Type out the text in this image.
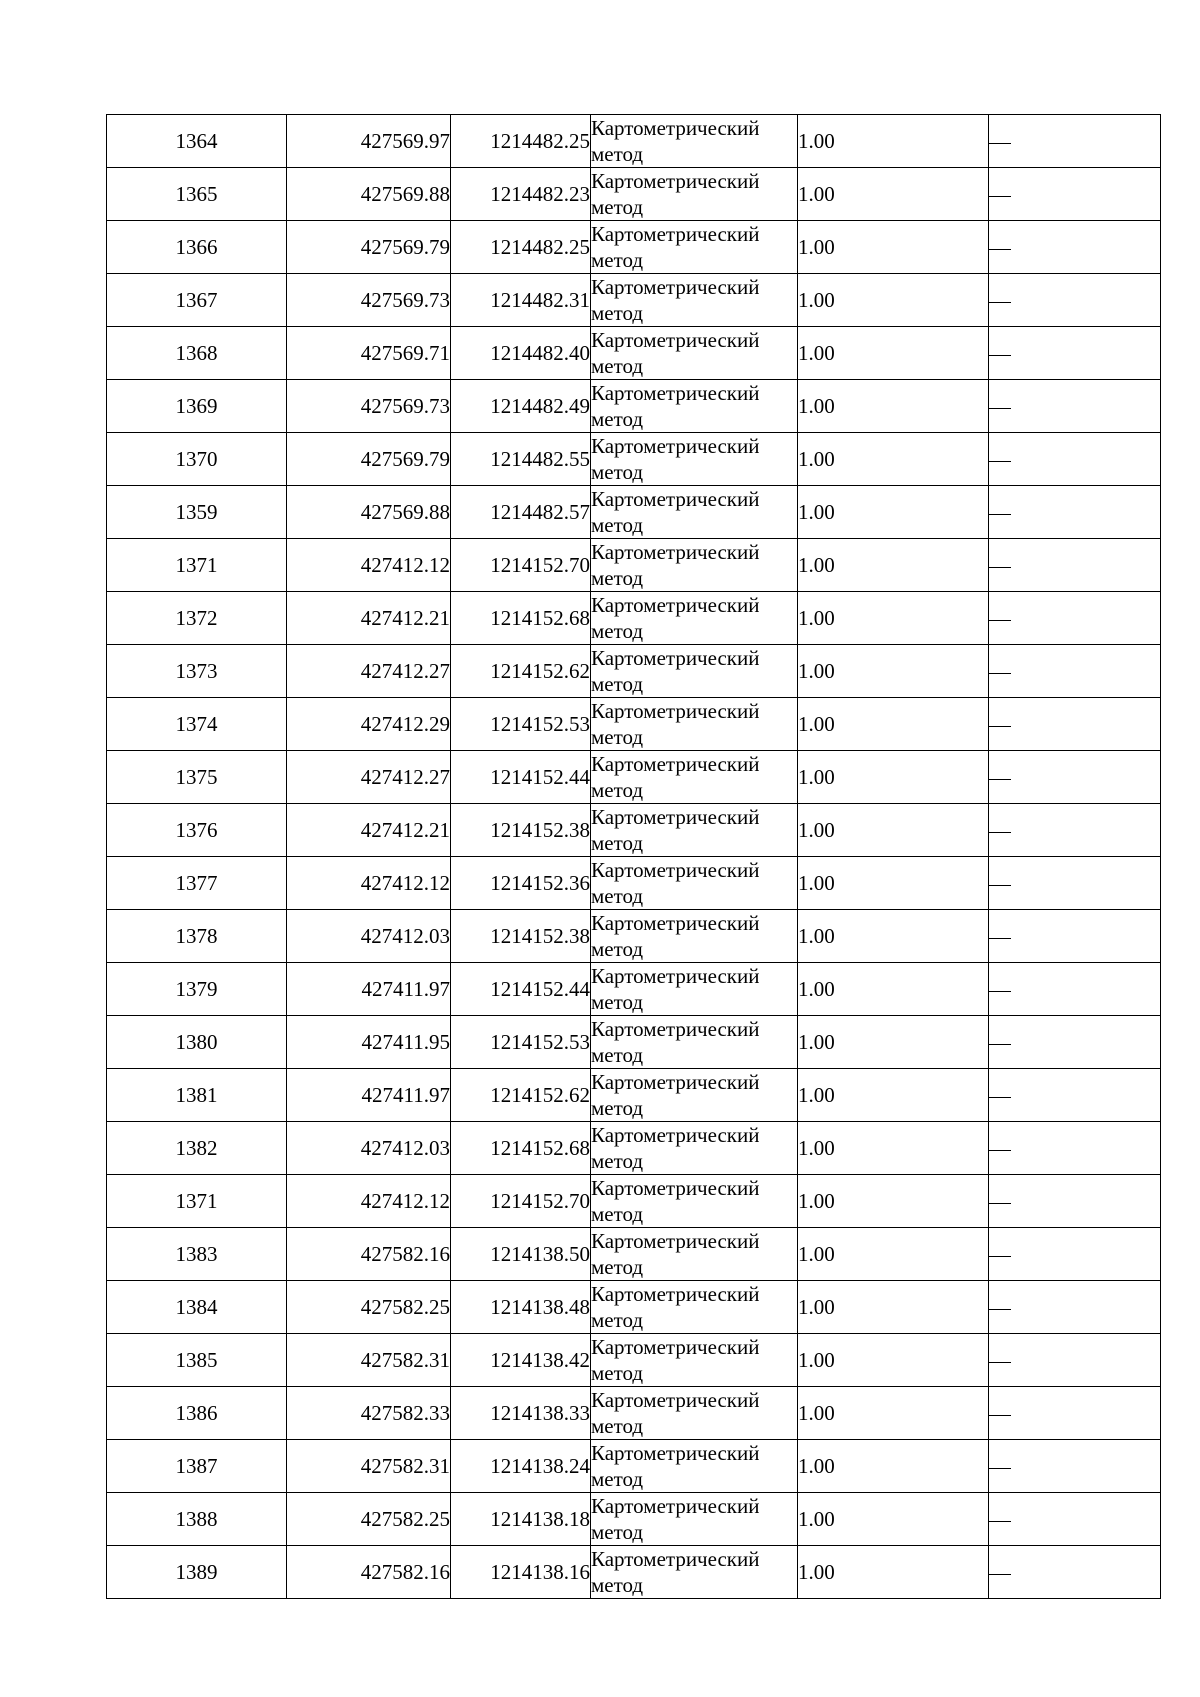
1364	427569.97	1214482.25	Картометрический метод	1.00	
1365	427569.88	1214482.23	Картометрический метод	1.00	
1366	427569.79	1214482.25	Картометрический метод	1.00	
1367	427569.73	1214482.31	Картометрический метод	1.00	
1368	427569.71	1214482.40	Картометрический метод	1.00	
1369	427569.73	1214482.49	Картометрический метод	1.00	
1370	427569.79	1214482.55	Картометрический метод	1.00	
1359	427569.88	1214482.57	Картометрический метод	1.00	
1371	427412.12	1214152.70	Картометрический метод	1.00	
1372	427412.21	1214152.68	Картометрический метод	1.00	
1373	427412.27	1214152.62	Картометрический метод	1.00	
1374	427412.29	1214152.53	Картометрический метод	1.00	
1375	427412.27	1214152.44	Картометрический метод	1.00	
1376	427412.21	1214152.38	Картометрический метод	1.00	
1377	427412.12	1214152.36	Картометрический метод	1.00	
1378	427412.03	1214152.38	Картометрический метод	1.00	
1379	427411.97	1214152.44	Картометрический метод	1.00	
1380	427411.95	1214152.53	Картометрический метод	1.00	
1381	427411.97	1214152.62	Картометрический метод	1.00	
1382	427412.03	1214152.68	Картометрический метод	1.00	
1371	427412.12	1214152.70	Картометрический метод	1.00	
1383	427582.16	1214138.50	Картометрический метод	1.00	
1384	427582.25	1214138.48	Картометрический метод	1.00	
1385	427582.31	1214138.42	Картометрический метод	1.00	
1386	427582.33	1214138.33	Картометрический метод	1.00	
1387	427582.31	1214138.24	Картометрический метод	1.00	
1388	427582.25	1214138.18	Картометрический метод	1.00	
1389	427582.16	1214138.16	Картометрический метод	1.00	
